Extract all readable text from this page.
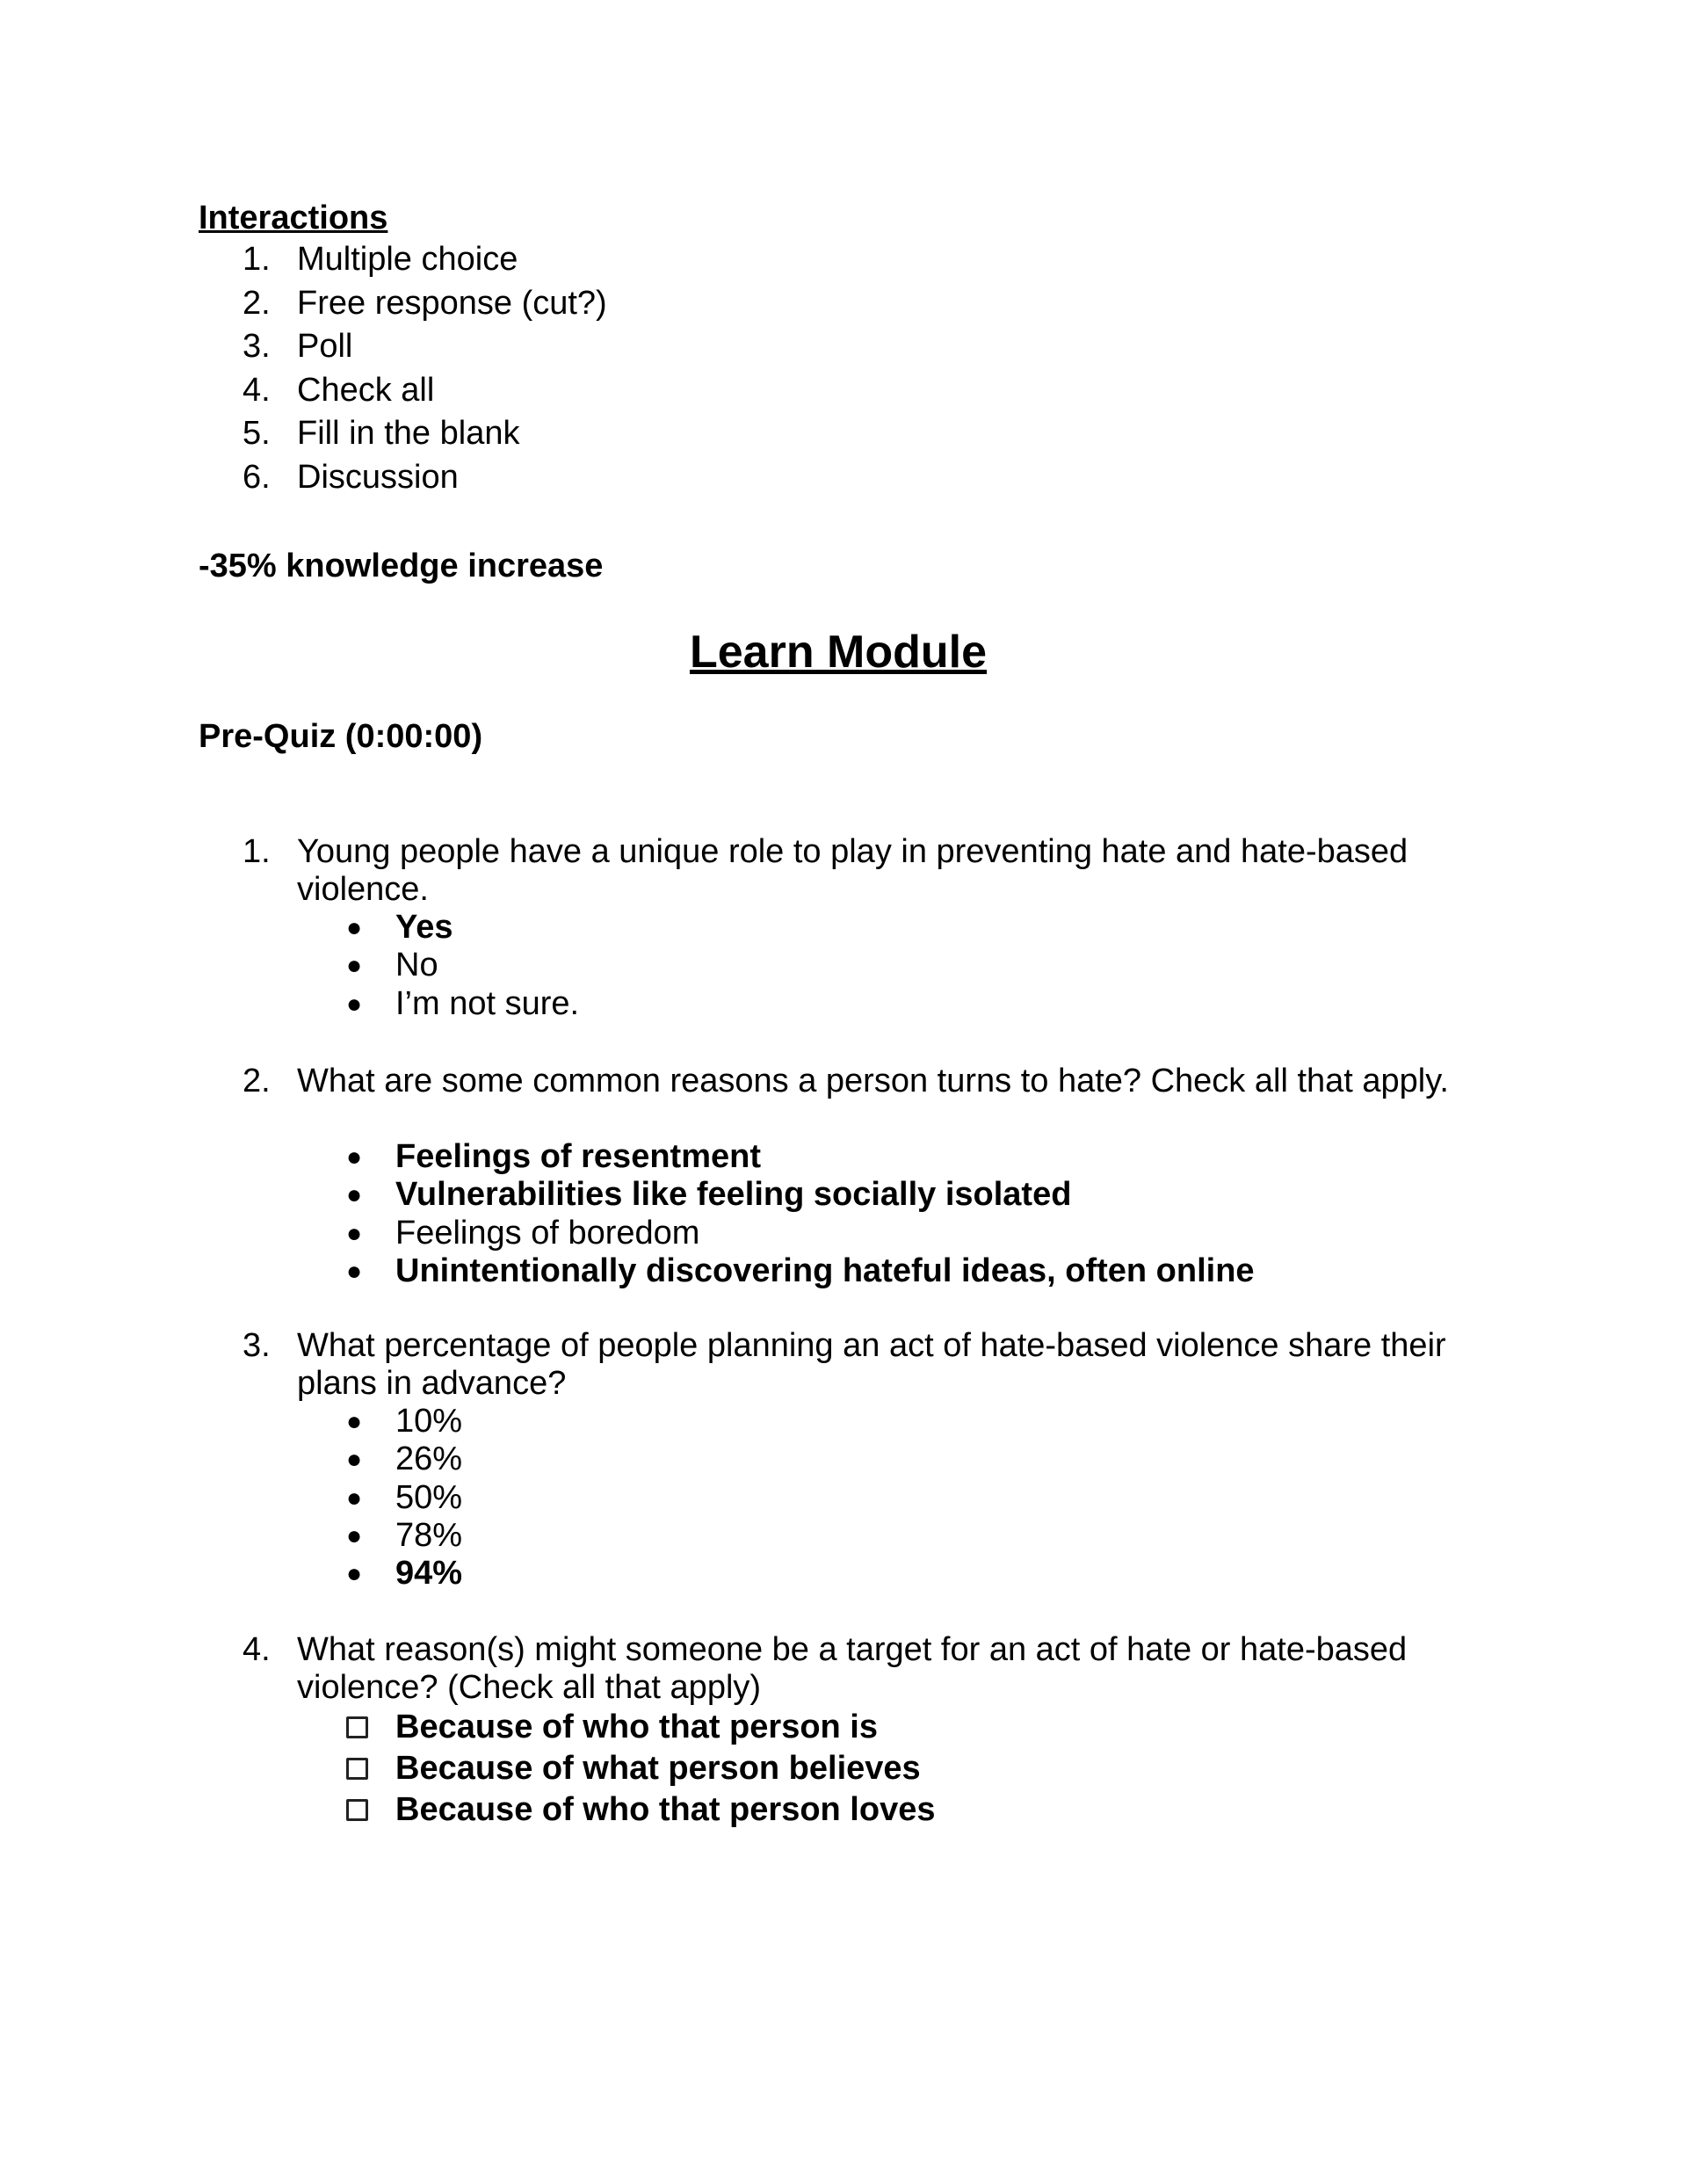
Interactions
1. Multiple choice
2. Free response (cut?)
3. Poll
4. Check all
5. Fill in the blank
6. Discussion
-35% knowledge increase
Learn Module
Pre-Quiz (0:00:00)
1. Young people have a unique role to play in preventing hate and hate-based violence.
● Yes
● No
● I’m not sure.
2. What are some common reasons a person turns to hate? Check all that apply.
● Feelings of resentment
● Vulnerabilities like feeling socially isolated
● Feelings of boredom
● Unintentionally discovering hateful ideas, often online
3. What percentage of people planning an act of hate-based violence share their plans in advance?
● 10%
● 26%
● 50%
● 78%
● 94%
4. What reason(s) might someone be a target for an act of hate or hate-based violence? (Check all that apply)
Because of who that person is
Because of what person believes
Because of who that person loves
